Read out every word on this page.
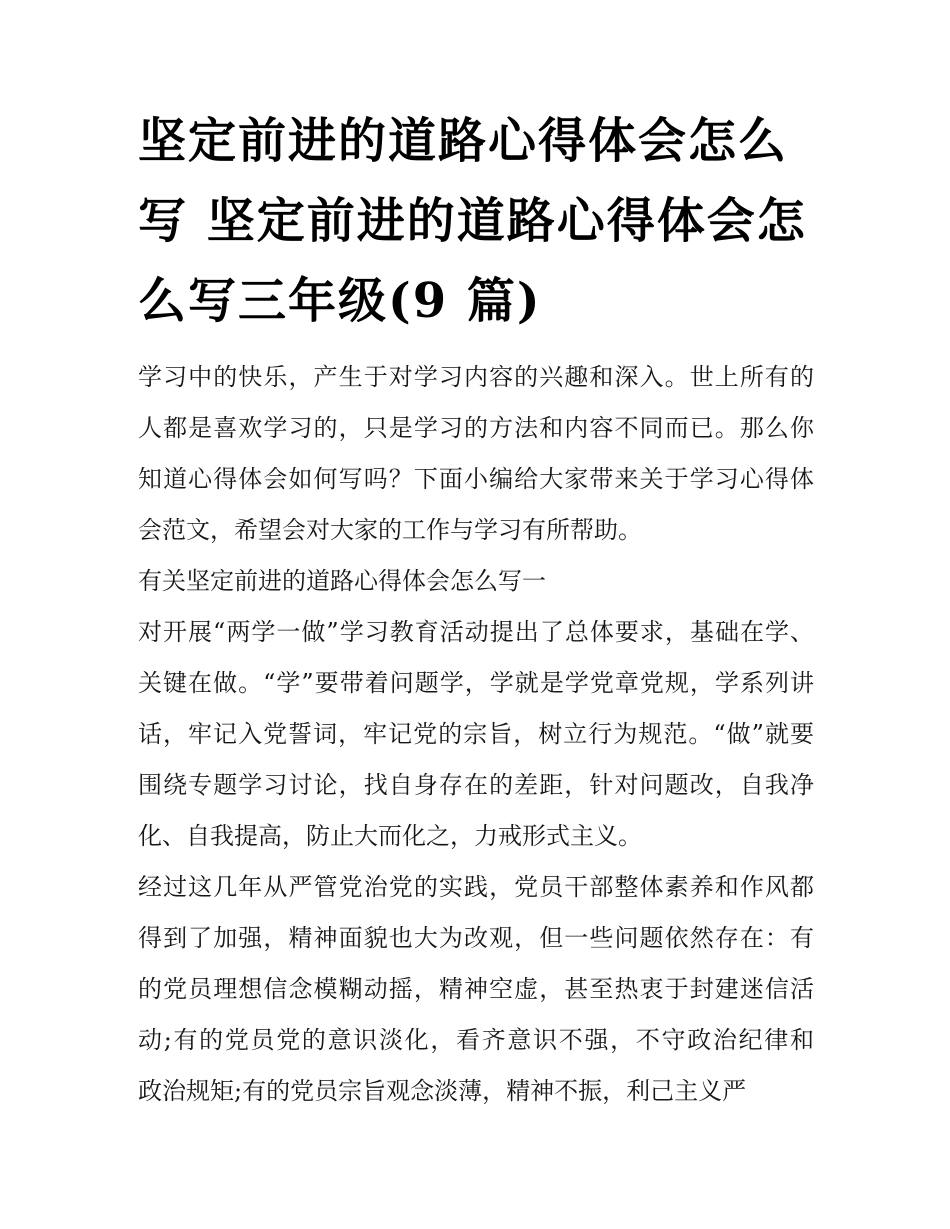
坚定前进的道路心得体会怎么
写 坚定前进的道路心得体会怎
么写三年级(9 篇)
学习中的快乐，产生于对学习内容的兴趣和深入。世上所有的
人都是喜欢学习的，只是学习的方法和内容不同而已。那么你
知道心得体会如何写吗？下面小编给大家带来关于学习心得体
会范文，希望会对大家的工作与学习有所帮助。
有关坚定前进的道路心得体会怎么写一
对开展“两学一做”学习教育活动提出了总体要求，基础在学、
关键在做。“学”要带着问题学，学就是学党章党规，学系列讲
话，牢记入党誓词，牢记党的宗旨，树立行为规范。“做”就要
围绕专题学习讨论，找自身存在的差距，针对问题改，自我净
化、自我提高，防止大而化之，力戒形式主义。
经过这几年从严管党治党的实践，党员干部整体素养和作风都
得到了加强，精神面貌也大为改观，但一些问题依然存在：有
的党员理想信念模糊动摇，精神空虚，甚至热衷于封建迷信活
动;有的党员党的意识淡化，看齐意识不强，不守政治纪律和
政治规矩;有的党员宗旨观念淡薄，精神不振，利己主义严
